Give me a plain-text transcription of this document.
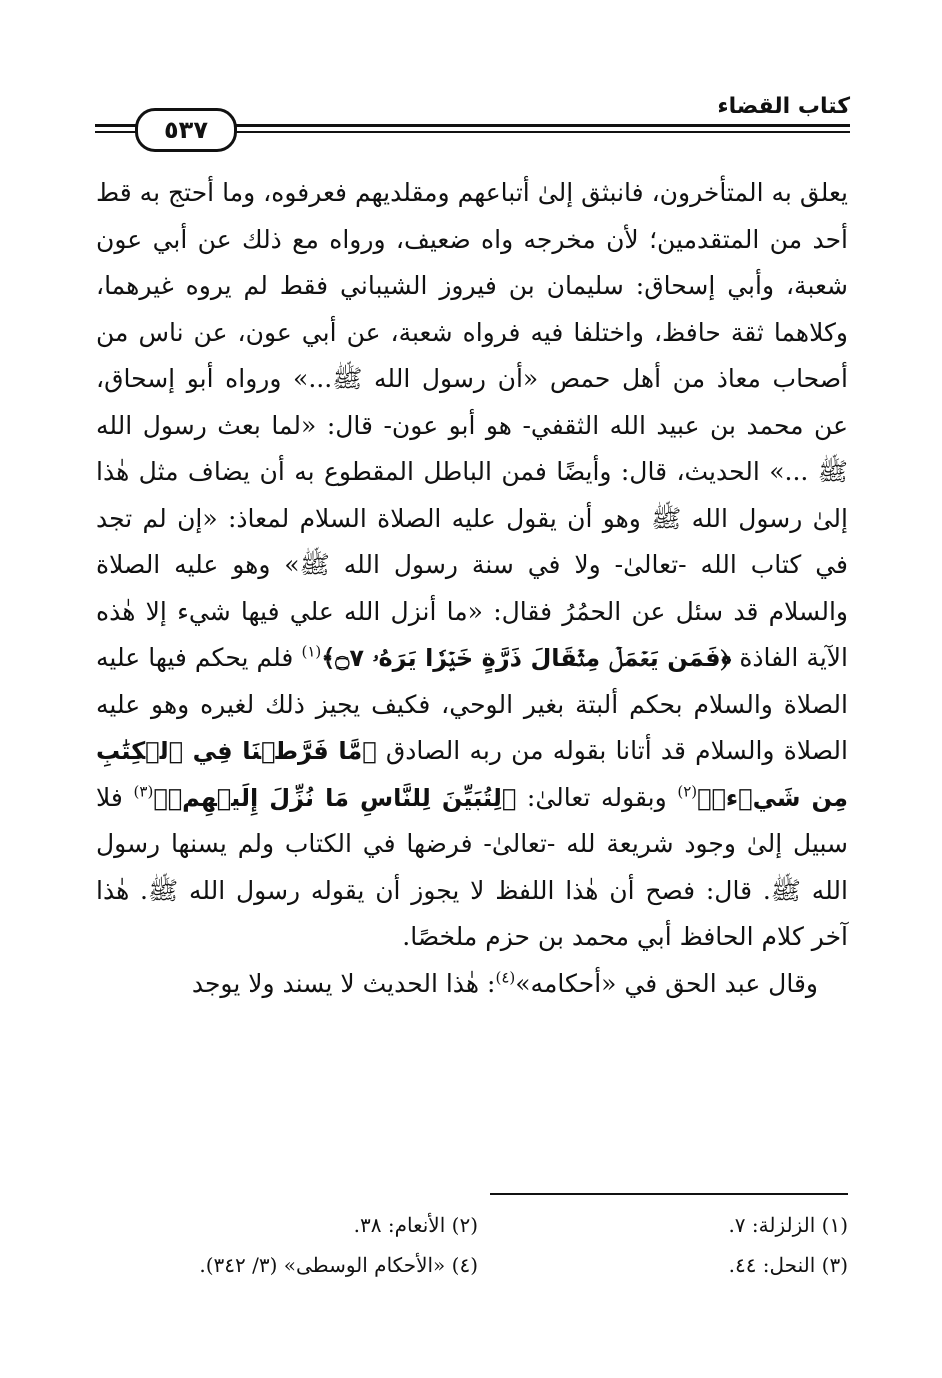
كتاب القضاء
٥٣٧

يعلق به المتأخرون، فانبثق إلىٰ أتباعهم ومقلديهم فعرفوه، وما أحتج به قط أحد من المتقدمين؛ لأن مخرجه واه ضعيف، ورواه مع ذلك عن أبي عون شعبة، وأبي إسحاق: سليمان بن فيروز الشيباني فقط لم يروه غيرهما، وكلاهما ثقة حافظ، واختلفا فيه فرواه شعبة، عن أبي عون، عن ناس من أصحاب معاذ من أهل حمص «أن رسول الله ﷺ...» ورواه أبو إسحاق، عن محمد بن عبيد الله الثقفي- هو أبو عون- قال: «لما بعث رسول الله ﷺ ...» الحديث، قال: وأيضًا فمن الباطل المقطوع به أن يضاف مثل هٰذا إلىٰ رسول الله ﷺ وهو أن يقول عليه الصلاة السلام لمعاذ: «إن لم تجد في كتاب الله -تعالىٰ- ولا في سنة رسول الله ﷺ» وهو عليه الصلاة والسلام قد سئل عن الحمُرُ فقال: «ما أنزل الله علي فيها شيء إلا هٰذه الآية الفاذة ﴿فَمَن يَعۡمَلۡ مِثۡقَالَ ذَرَّةٍ خَيۡرٗا يَرَهُۥ ۝٧﴾$^{(١)}$ فلم يحكم فيها عليه الصلاة والسلام بحكم ألبتة بغير الوحي، فكيف يجيز ذلك لغيره وهو عليه الصلاة والسلام قد أتانا بقوله من ربه الصادق ﴿مَّا فَرَّطۡنَا فِي ٱلۡكِتَٰبِ مِن شَيۡءٖ﴾$^{(٢)}$ وبقوله تعالىٰ: ﴿لِتُبَيِّنَ لِلنَّاسِ مَا نُزِّلَ إِلَيۡهِمۡ﴾$^{(٣)}$ فلا سبيل إلىٰ وجود شريعة لله -تعالىٰ- فرضها في الكتاب ولم يسنها رسول الله ﷺ. قال: فصح أن هٰذا اللفظ لا يجوز أن يقوله رسول الله ﷺ. هٰذا آخر كلام الحافظ أبي محمد بن حزم ملخصًا.

وقال عبد الحق في «أحكامه»$^{(٤)}$: هٰذا الحديث لا يسند ولا يوجد

(١) الزلزلة: ٧.
(٢) الأنعام: ٣٨.
(٣) النحل: ٤٤.
(٤) «الأحكام الوسطى» (٣/ ٣٤٢).
